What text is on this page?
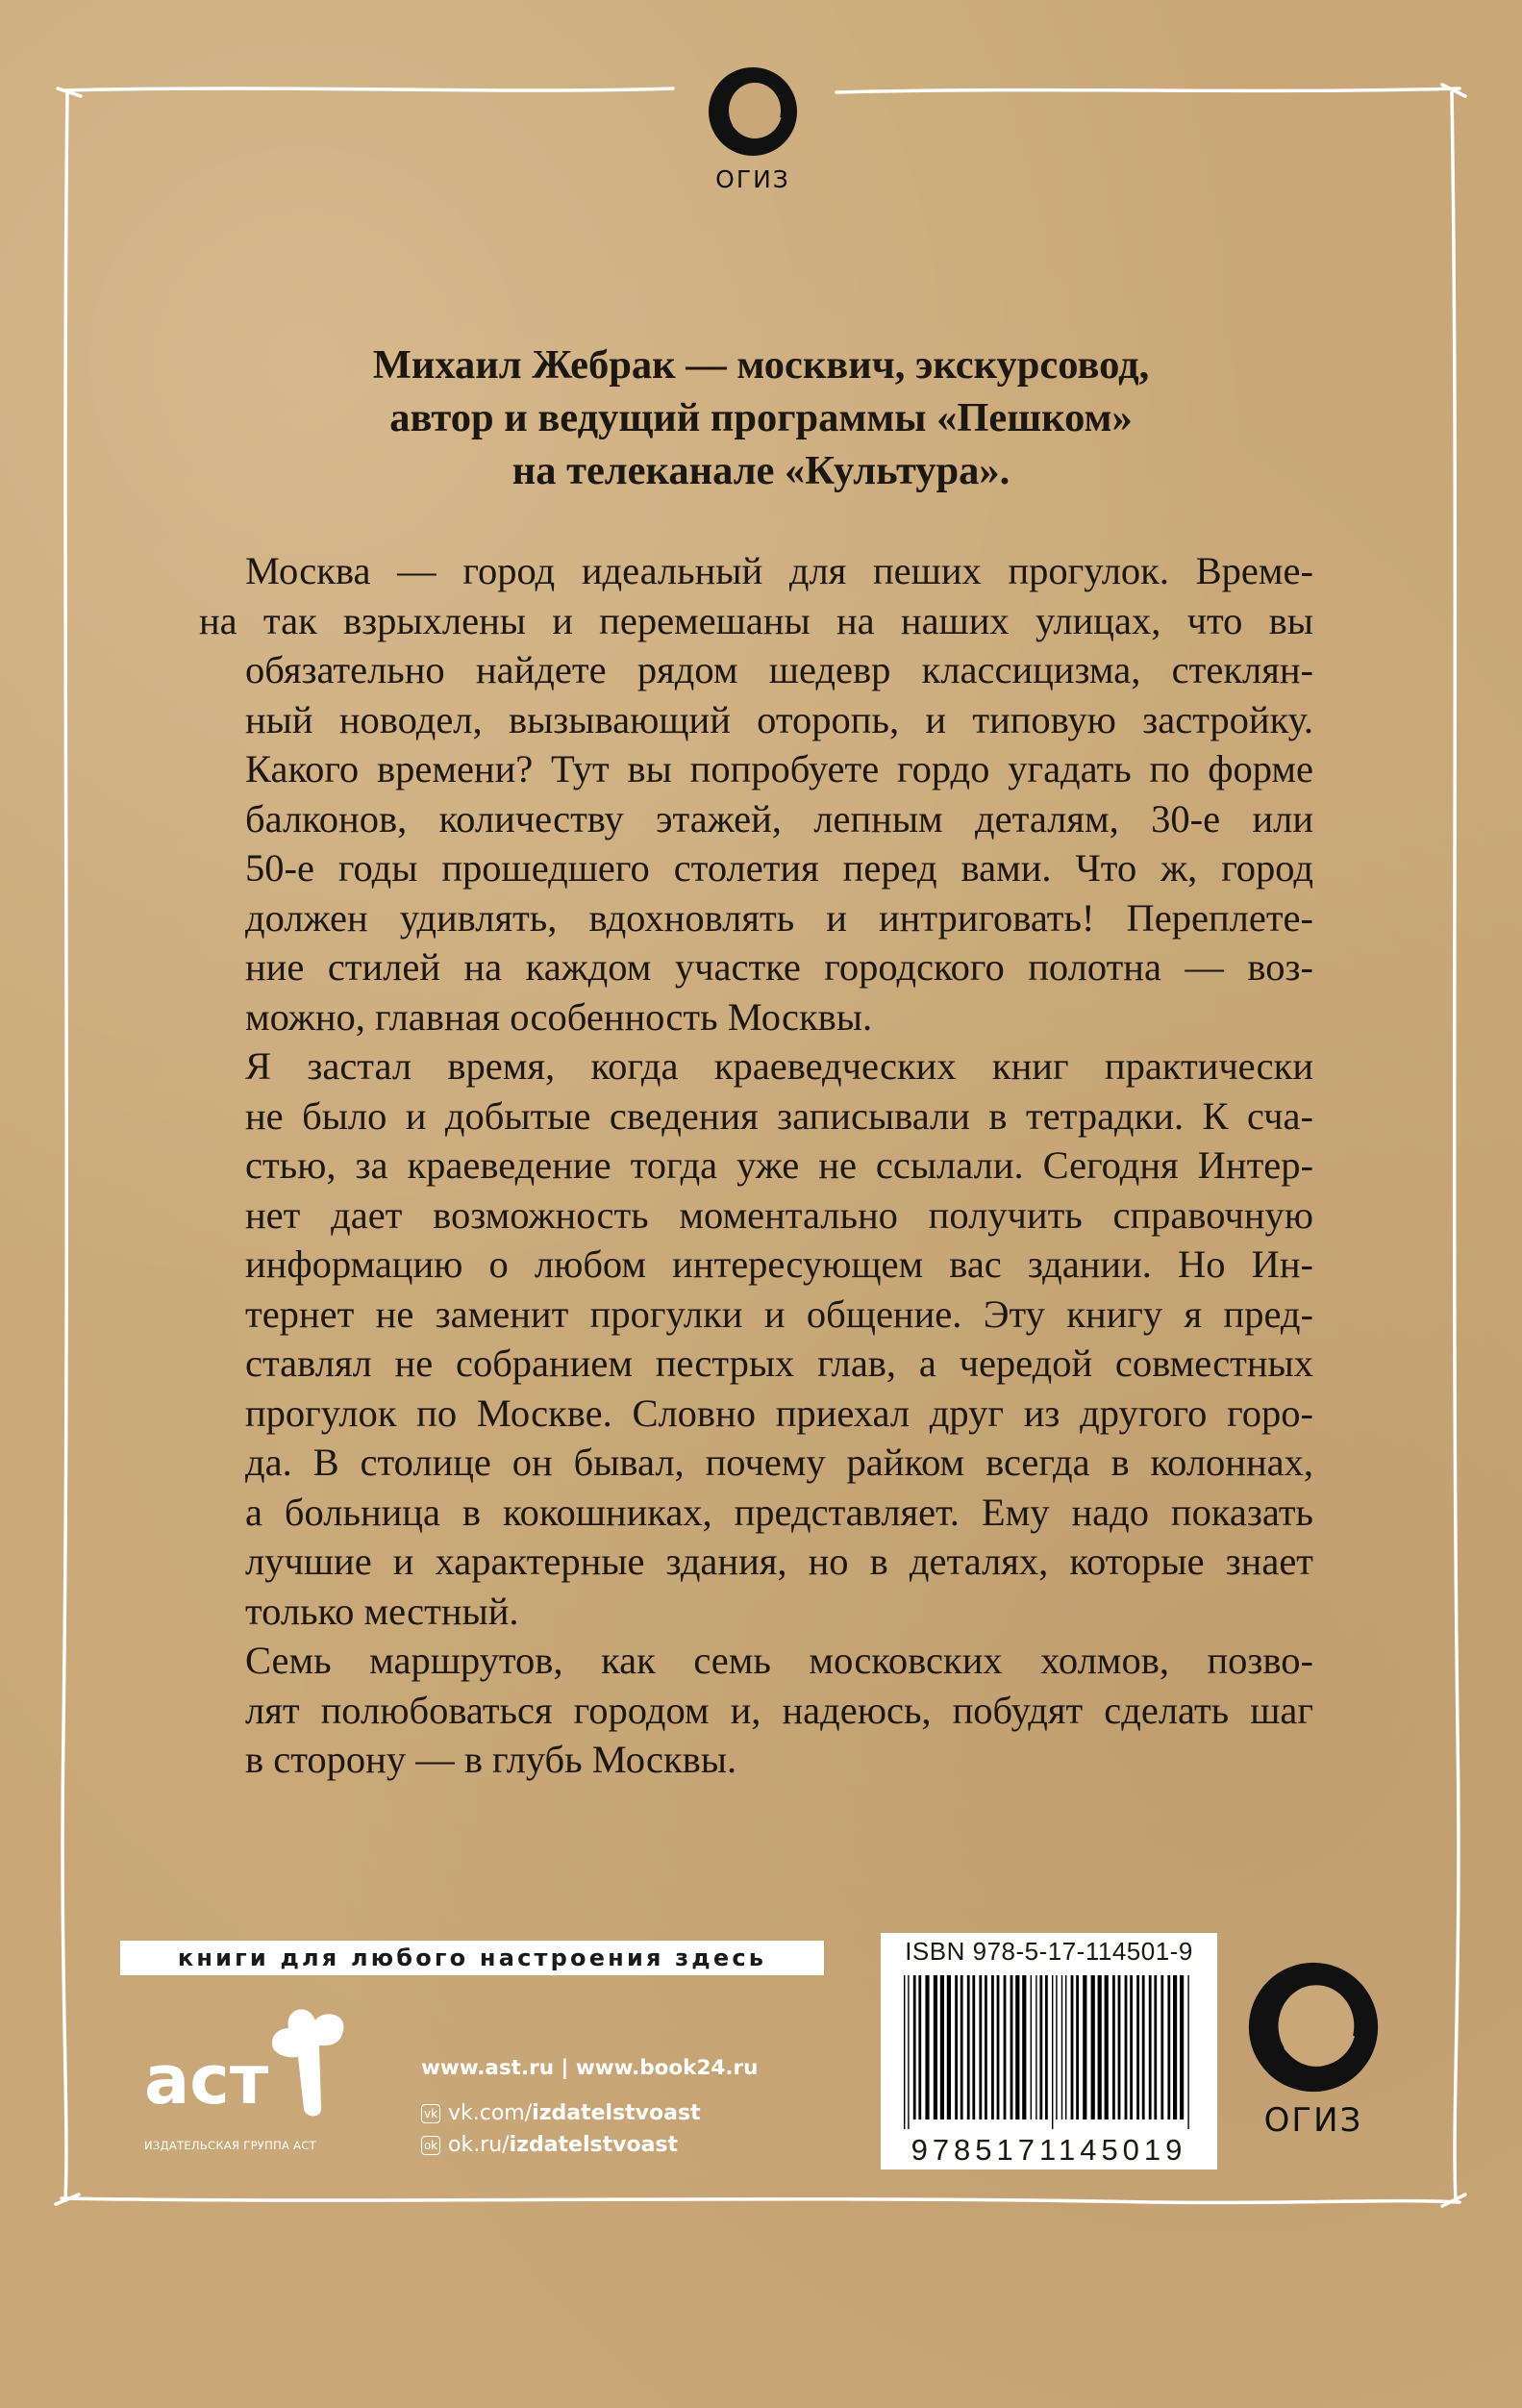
ОГИЗ
Михаил Жебрак — москвич, экскурсовод,
автор и ведущий программы «Пешком»
на телеканале «Культура».

Москва — город идеальный для пеших прогулок. Време-
на так взрыхлены и перемешаны на наших улицах, что вы
обязательно найдете рядом шедевр классицизма, стеклян-
ный новодел, вызывающий оторопь, и типовую застройку.
Какого времени? Тут вы попробуете гордо угадать по форме
балконов, количеству этажей, лепным деталям, 30-е или
50-е годы прошедшего столетия перед вами. Что ж, город
должен удивлять, вдохновлять и интриговать! Переплете-
ние стилей на каждом участке городского полотна — воз-
можно, главная особенность Москвы.

Я застал время, когда краеведческих книг практически
не было и добытые сведения записывали в тетрадки. К сча-
стью, за краеведение тогда уже не ссылали. Сегодня Интер-
нет дает возможность моментально получить справочную
информацию о любом интересующем вас здании. Но Ин-
тернет не заменит прогулки и общение. Эту книгу я пред-
ставлял не собранием пестрых глав, а чередой совместных
прогулок по Москве. Словно приехал друг из другого горо-
да. В столице он бывал, почему райком всегда в колоннах,
а больница в кокошниках, представляет. Ему надо показать
лучшие и характерные здания, но в деталях, которые знает
только местный.

Семь маршрутов, как семь московских холмов, позво-
лят полюбоваться городом и, надеюсь, побудят сделать шаг
в сторону — в глубь Москвы.

книги для любого настроения здесь
аст
ИЗДАТЕЛЬСКАЯ ГРУППА АСТ
www.ast.ru | www.book24.ru
vk vk.com/ izdatelstvoast
ok ok.ru/ izdatelstvoast
ISBN 978-5-17-114501-9
9785171145019
ОГИЗ
